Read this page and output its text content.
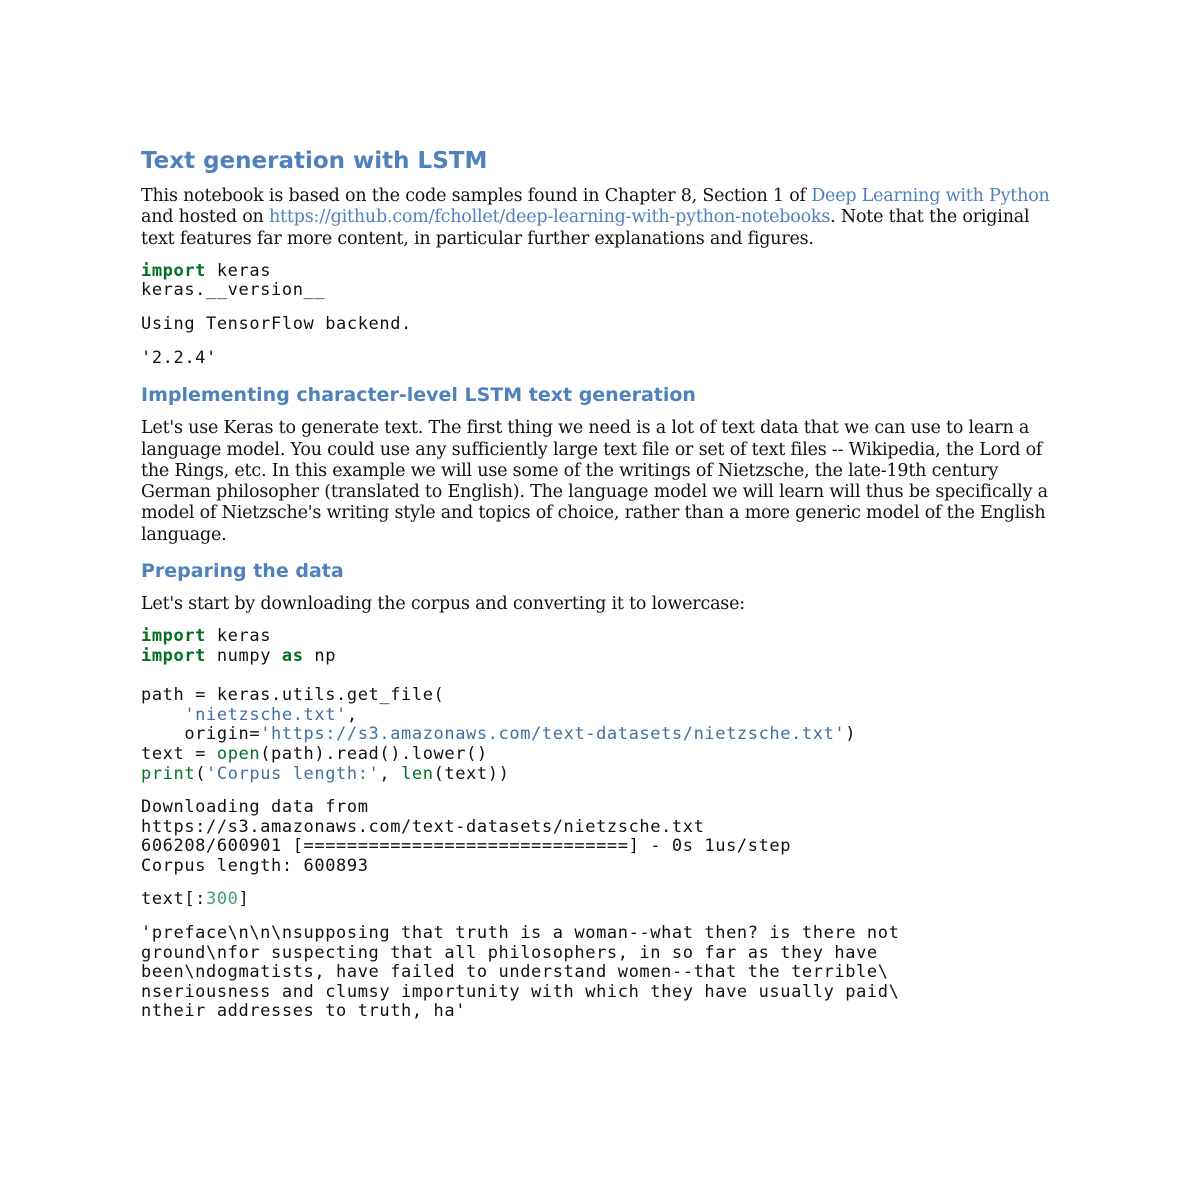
Text generation with LSTM

This notebook is based on the code samples found in Chapter 8, Section 1 of Deep Learning with Python and hosted on https://github.com/fchollet/deep-learning-with-python-notebooks. Note that the original text features far more content, in particular further explanations and figures.

import keras
keras.__version__
Using TensorFlow backend.
'2.2.4'
Implementing character-level LSTM text generation

Let's use Keras to generate text. The first thing we need is a lot of text data that we can use to learn a language model. You could use any sufficiently large text file or set of text files -- Wikipedia, the Lord of the Rings, etc. In this example we will use some of the writings of Nietzsche, the late-19th century German philosopher (translated to English). The language model we will learn will thus be specifically a model of Nietzsche's writing style and topics of choice, rather than a more generic model of the English language.

Preparing the data

Let's start by downloading the corpus and converting it to lowercase:

import keras
import numpy as np

path = keras.utils.get_file(
'nietzsche.txt',
origin='https://s3.amazonaws.com/text-datasets/nietzsche.txt')
text = open(path).read().lower()
print('Corpus length:', len(text))
Downloading data from
https://s3.amazonaws.com/text-datasets/nietzsche.txt
606208/600901 [==============================] - 0s 1us/step
Corpus length: 600893
text[:300]
'preface\n\n\nsupposing that truth is a woman--what then? is there not
ground\nfor suspecting that all philosophers, in so far as they have
been\ndogmatists, have failed to understand women--that the terrible\
nseriousness and clumsy importunity with which they have usually paid\
ntheir addresses to truth, ha'
